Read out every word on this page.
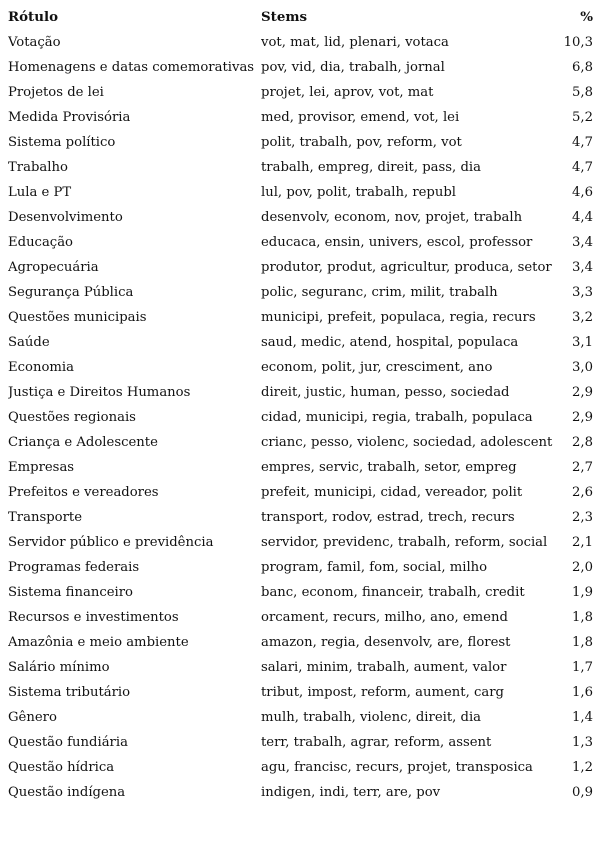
Rótulo	Stems	%
Votação	vot, mat, lid, plenari, votaca	10,3
Homenagens e datas comemorativas	pov, vid, dia, trabalh, jornal	6,8
Projetos de lei	projet, lei, aprov, vot, mat	5,8
Medida Provisória	med, provisor, emend, vot, lei	5,2
Sistema político	polit, trabalh, pov, reform, vot	4,7
Trabalho	trabalh, empreg, direit, pass, dia	4,7
Lula e PT	lul, pov, polit, trabalh, republ	4,6
Desenvolvimento	desenvolv, econom, nov, projet, trabalh	4,4
Educação	educaca, ensin, univers, escol, professor	3,4
Agropecuária	produtor, produt, agricultur, produca, setor	3,4
Segurança Pública	polic, seguranc, crim, milit, trabalh	3,3
Questões municipais	municipi, prefeit, populaca, regia, recurs	3,2
Saúde	saud, medic, atend, hospital, populaca	3,1
Economia	econom, polit, jur, cresciment, ano	3,0
Justiça e Direitos Humanos	direit, justic, human, pesso, sociedad	2,9
Questões regionais	cidad, municipi, regia, trabalh, populaca	2,9
Criança e Adolescente	crianc, pesso, violenc, sociedad, adolescent	2,8
Empresas	empres, servic, trabalh, setor, empreg	2,7
Prefeitos e vereadores	prefeit, municipi, cidad, vereador, polit	2,6
Transporte	transport, rodov, estrad, trech, recurs	2,3
Servidor público e previdência	servidor, previdenc, trabalh, reform, social	2,1
Programas federais	program, famil, fom, social, milho	2,0
Sistema financeiro	banc, econom, financeir, trabalh, credit	1,9
Recursos e investimentos	orcament, recurs, milho, ano, emend	1,8
Amazônia e meio ambiente	amazon, regia, desenvolv, are, florest	1,8
Salário mínimo	salari, minim, trabalh, aument, valor	1,7
Sistema tributário	tribut, impost, reform, aument, carg	1,6
Gênero	mulh, trabalh, violenc, direit, dia	1,4
Questão fundiária	terr, trabalh, agrar, reform, assent	1,3
Questão hídrica	agu, francisc, recurs, projet, transposica	1,2
Questão indígena	indigen, indi, terr, are, pov	0,9
